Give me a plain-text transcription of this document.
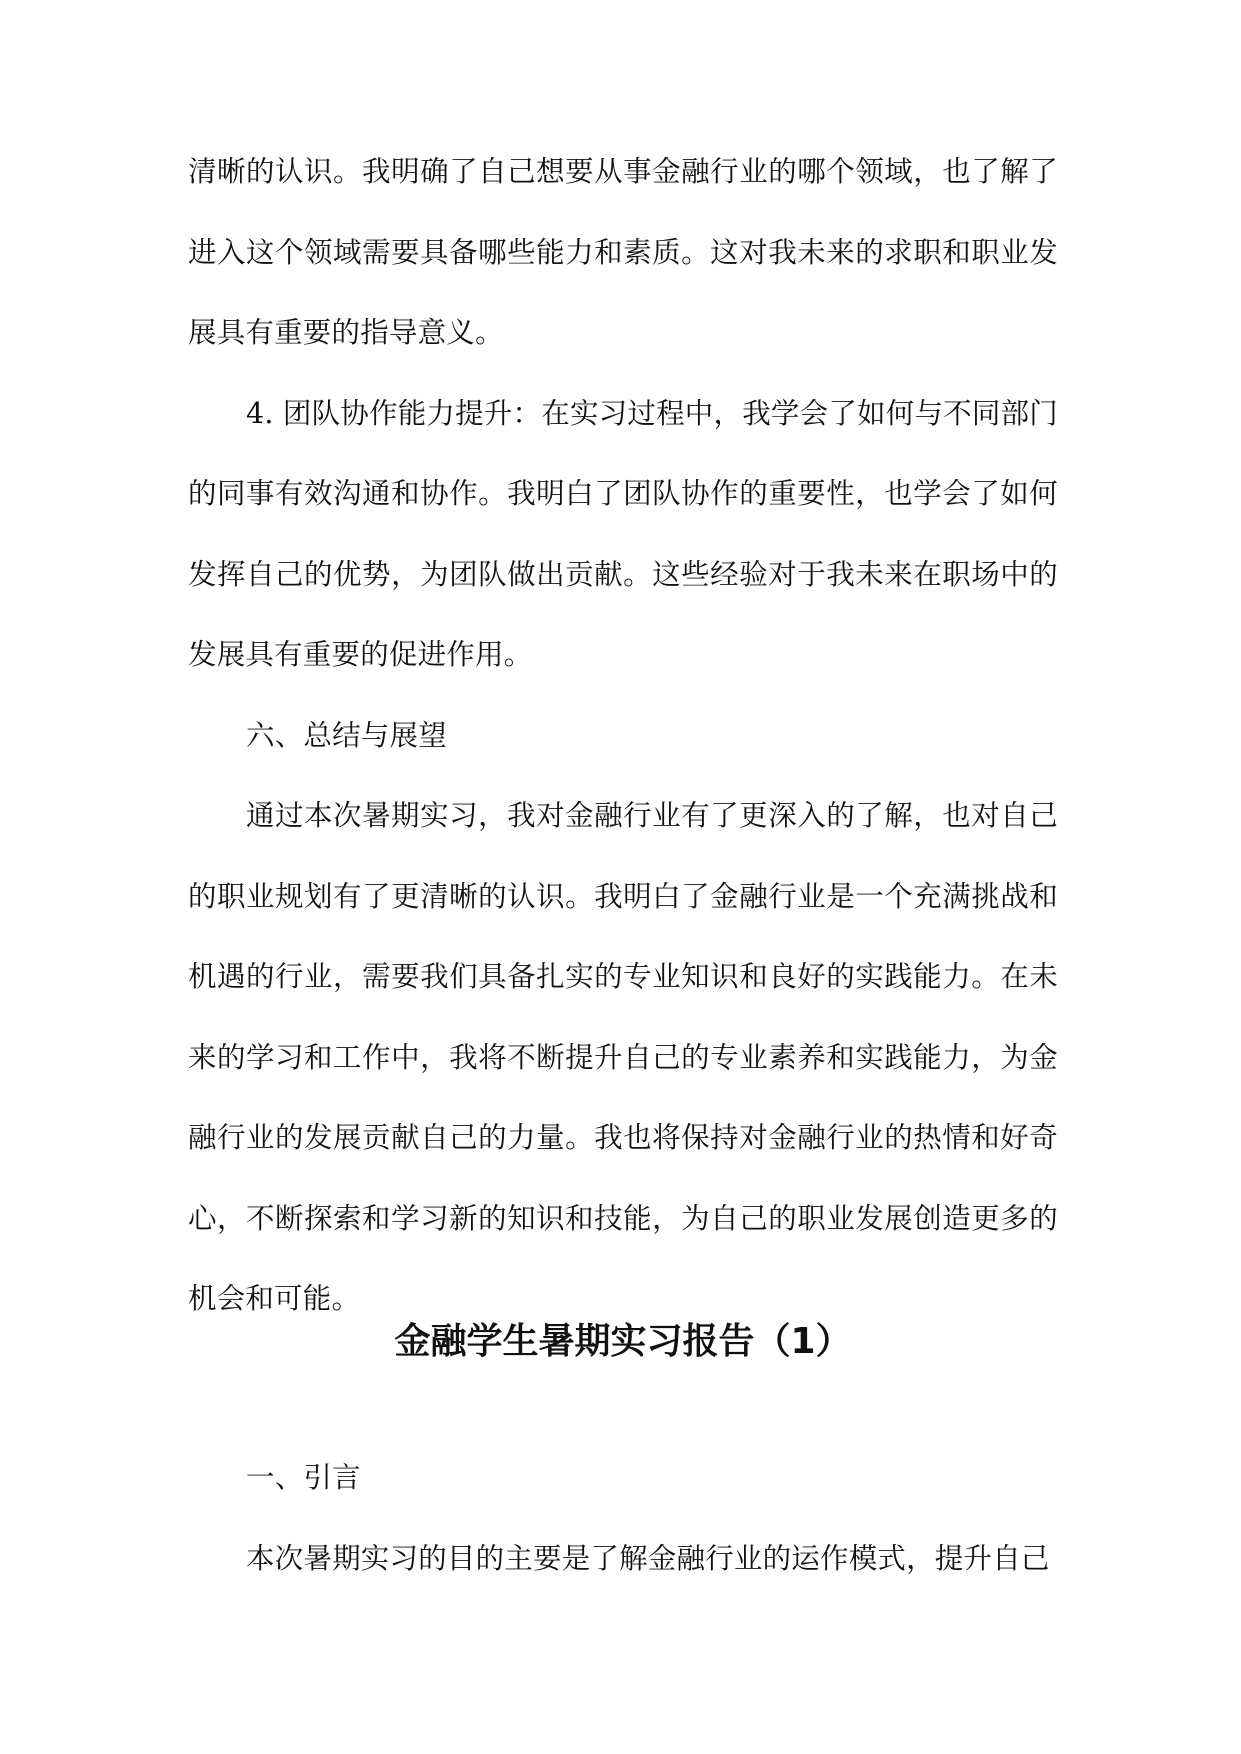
清晰的认识。我明确了自己想要从事金融行业的哪个领域，也了解了进入这个领域需要具备哪些能力和素质。这对我未来的求职和职业发展具有重要的指导意义。

4. 团队协作能力提升：在实习过程中，我学会了如何与不同部门的同事有效沟通和协作。我明白了团队协作的重要性，也学会了如何发挥自己的优势，为团队做出贡献。这些经验对于我未来在职场中的发展具有重要的促进作用。

六、总结与展望

通过本次暑期实习，我对金融行业有了更深入的了解，也对自己的职业规划有了更清晰的认识。我明白了金融行业是一个充满挑战和机遇的行业，需要我们具备扎实的专业知识和良好的实践能力。在未来的学习和工作中，我将不断提升自己的专业素养和实践能力，为金融行业的发展贡献自己的力量。我也将保持对金融行业的热情和好奇心，不断探索和学习新的知识和技能，为自己的职业发展创造更多的机会和可能。

金融学生暑期实习报告（1）

一、引言

本次暑期实习的目的主要是了解金融行业的运作模式，提升自己
